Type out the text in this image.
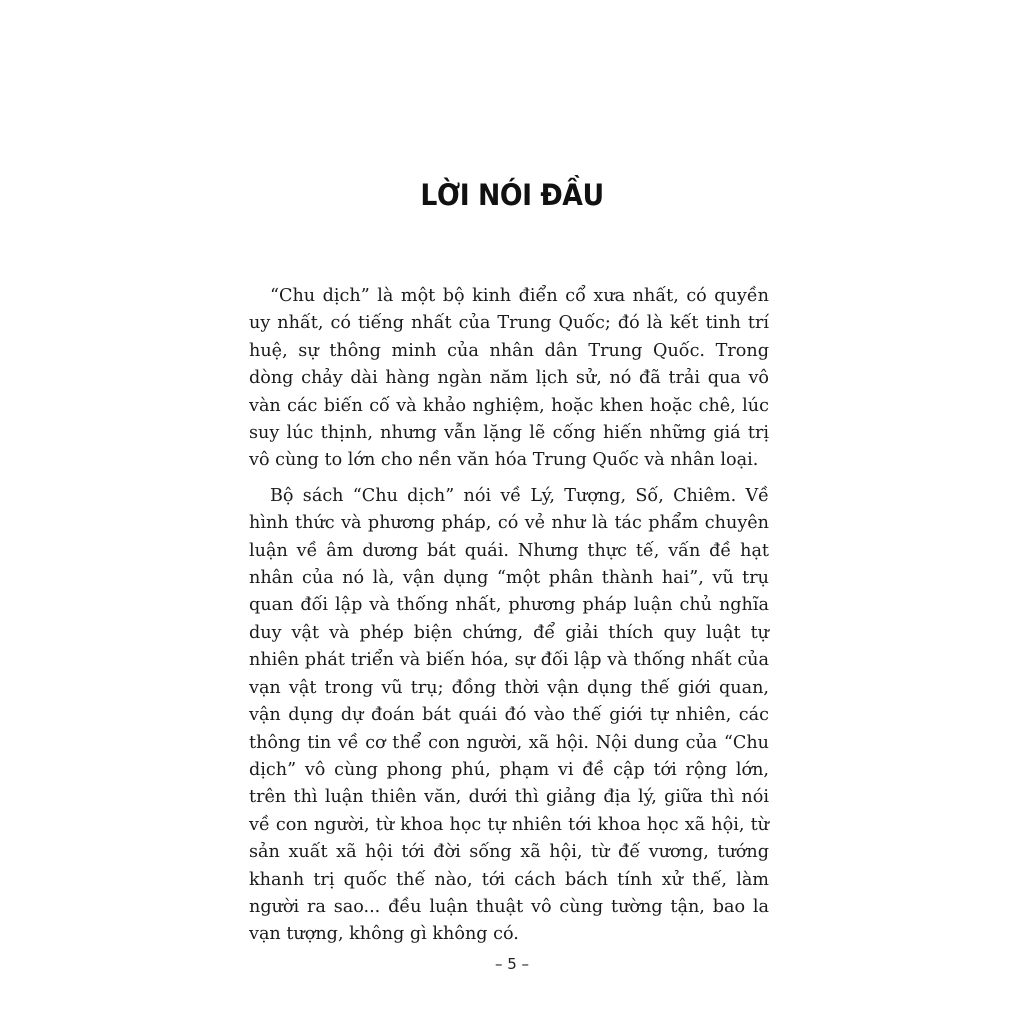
LỜI NÓI ĐẦU

“Chu dịch” là một bộ kinh điển cổ xưa nhất, có quyền uy nhất, có tiếng nhất của Trung Quốc; đó là kết tinh trí huệ, sự thông minh của nhân dân Trung Quốc. Trong dòng chảy dài hàng ngàn năm lịch sử, nó đã trải qua vô vàn các biến cố và khảo nghiệm, hoặc khen hoặc chê, lúc suy lúc thịnh, nhưng vẫn lặng lẽ cống hiến những giá trị vô cùng to lớn cho nền văn hóa Trung Quốc và nhân loại.

Bộ sách “Chu dịch” nói về Lý, Tượng, Số, Chiêm. Về hình thức và phương pháp, có vẻ như là tác phẩm chuyên luận về âm dương bát quái. Nhưng thực tế, vấn đề hạt nhân của nó là, vận dụng “một phân thành hai”, vũ trụ quan đối lập và thống nhất, phương pháp luận chủ nghĩa duy vật và phép biện chứng, để giải thích quy luật tự nhiên phát triển và biến hóa, sự đối lập và thống nhất của vạn vật trong vũ trụ; đồng thời vận dụng thế giới quan, vận dụng dự đoán bát quái đó vào thế giới tự nhiên, các thông tin về cơ thể con người, xã hội. Nội dung của “Chu dịch” vô cùng phong phú, phạm vi đề cập tới rộng lớn, trên thì luận thiên văn, dưới thì giảng địa lý, giữa thì nói về con người, từ khoa học tự nhiên tới khoa học xã hội, từ sản xuất xã hội tới đời sống xã hội, từ đế vương, tướng khanh trị quốc thế nào, tới cách bách tính xử thế, làm người ra sao... đều luận thuật vô cùng tường tận, bao la vạn tượng, không gì không có.

– 5 –
